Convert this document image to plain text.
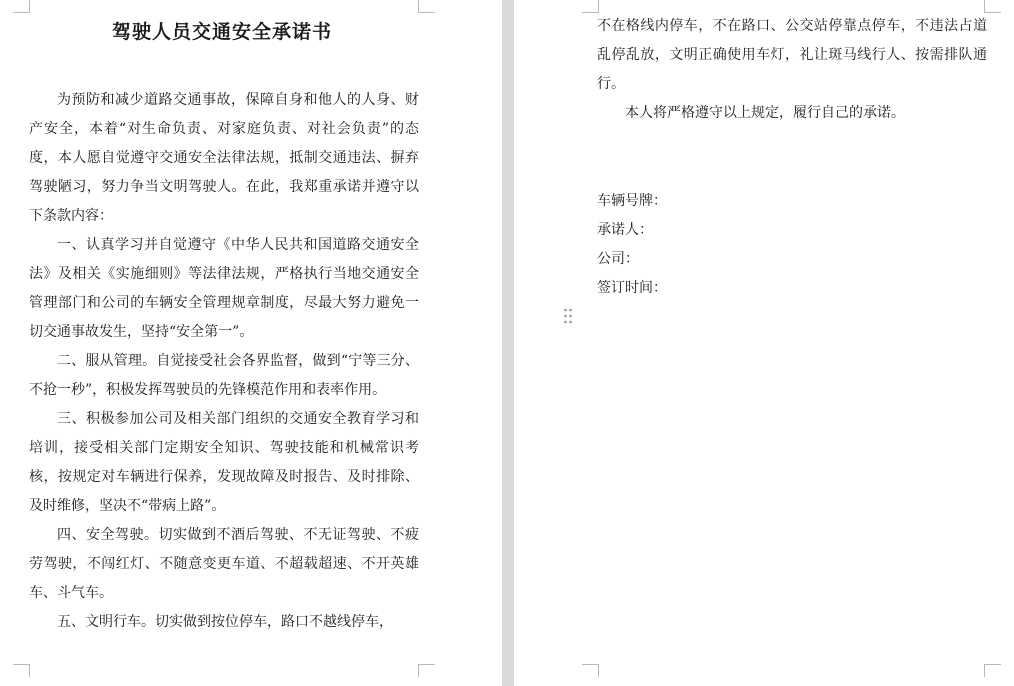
驾驶人员交通安全承诺书

为预防和减少道路交通事故，保障自身和他人的人身、财产安全，本着“对生命负责、对家庭负责、对社会负责”的态度，本人愿自觉遵守交通安全法律法规，抵制交通违法、摒弃驾驶陋习，努力争当文明驾驶人。在此，我郑重承诺并遵守以下条款内容：

一、认真学习并自觉遵守《中华人民共和国道路交通安全法》及相关《实施细则》等法律法规，严格执行当地交通安全管理部门和公司的车辆安全管理规章制度，尽最大努力避免一切交通事故发生，坚持“安全第一”。

二、服从管理。自觉接受社会各界监督，做到“宁等三分、不抢一秒”，积极发挥驾驶员的先锋模范作用和表率作用。

三、积极参加公司及相关部门组织的交通安全教育学习和培训，接受相关部门定期安全知识、驾驶技能和机械常识考核，按规定对车辆进行保养，发现故障及时报告、及时排除、及时维修，坚决不“带病上路”。

四、安全驾驶。切实做到不酒后驾驶、不无证驾驶、不疲劳驾驶，不闯红灯、不随意变更车道、不超载超速、不开英雄车、斗气车。

五、文明行车。切实做到按位停车，路口不越线停车，

不在格线内停车，不在路口、公交站停靠点停车，不违法占道乱停乱放，文明正确使用车灯，礼让斑马线行人、按需排队通行。

本人将严格遵守以上规定，履行自己的承诺。

车辆号牌：
承诺人：
公司：
签订时间：
